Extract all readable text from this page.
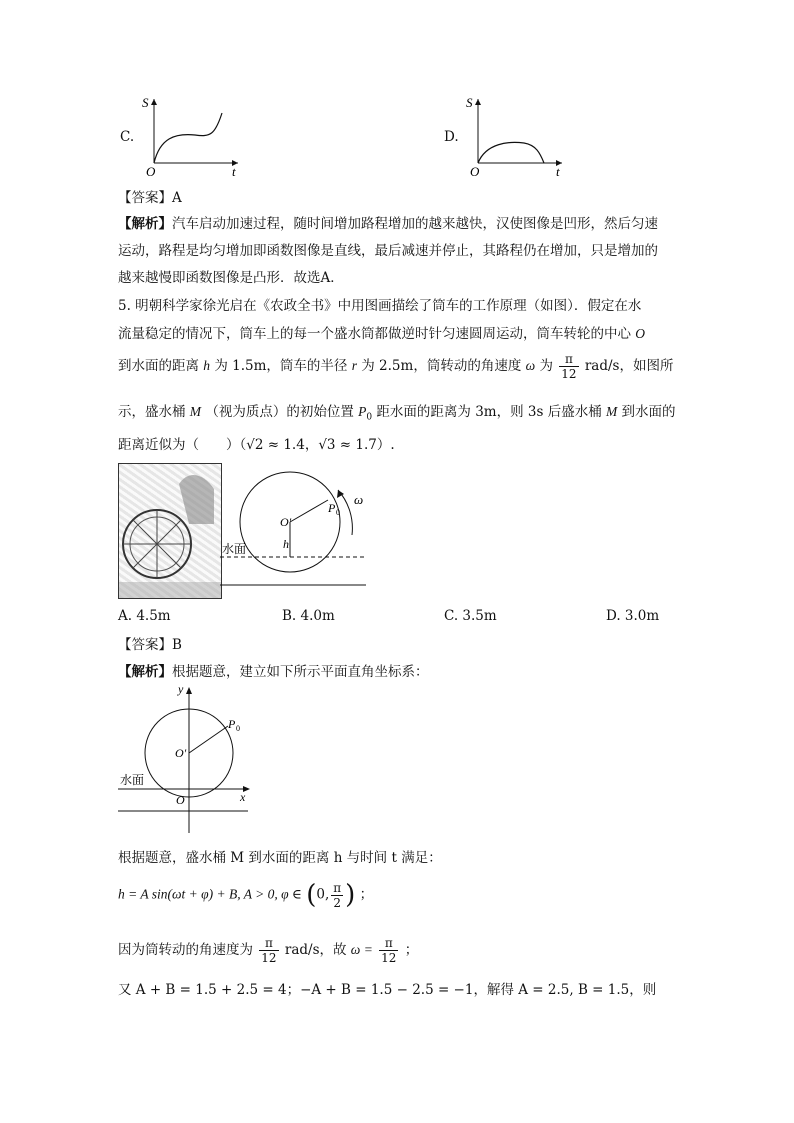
C.
S
t
O
D.
S
t
O
【答案】A
【解析】汽车启动加速过程，随时间增加路程增加的越来越快，汉使图像是凹形，然后匀速
运动，路程是均匀增加即函数图像是直线，最后减速并停止，其路程仍在增加，只是增加的
越来越慢即函数图像是凸形．故选A．
5. 明朝科学家徐光启在《农政全书》中用图画描绘了筒车的工作原理（如图）．假定在水
流量稳定的情况下，筒车上的每一个盛水筒都做逆时针匀速圆周运动，筒车转轮的中心 O
到水面的距离 h 为 1.5m，筒车的半径 r 为 2.5m，筒转动的角速度 ω 为 $\frac{\pi}{12} rad/s$，如图所
示，盛水桶 M （视为质点）的初始位置 $P_0$ 距水面的距离为 3m，则 3s 后盛水桶 M 到水面的
距离近似为（　　）（√2 ≈ 1.4，√3 ≈ 1.7）.
O'
P 0
ω
h
水面
A. 4.5m	B. 4.0m	C. 3.5m	D. 3.0m
【答案】B
【解析】根据题意，建立如下所示平面直角坐标系：
y
x
O
O'
P 0
水面
根据题意，盛水桶 M 到水面的距离 h 与时间 t 满足：
h = A sin(ωt + φ) + B, A > 0, φ ∈ (0, $\frac{\pi}{2}$ ) ；
因为筒转动的角速度为 $\frac{\pi}{12} rad/s$，故 $\omega = \frac{\pi}{12}$ ；
又 A + B = 1.5 + 2.5 = 4；−A + B = 1.5 − 2.5 = −1，解得 A = 2.5, B = 1.5，则
